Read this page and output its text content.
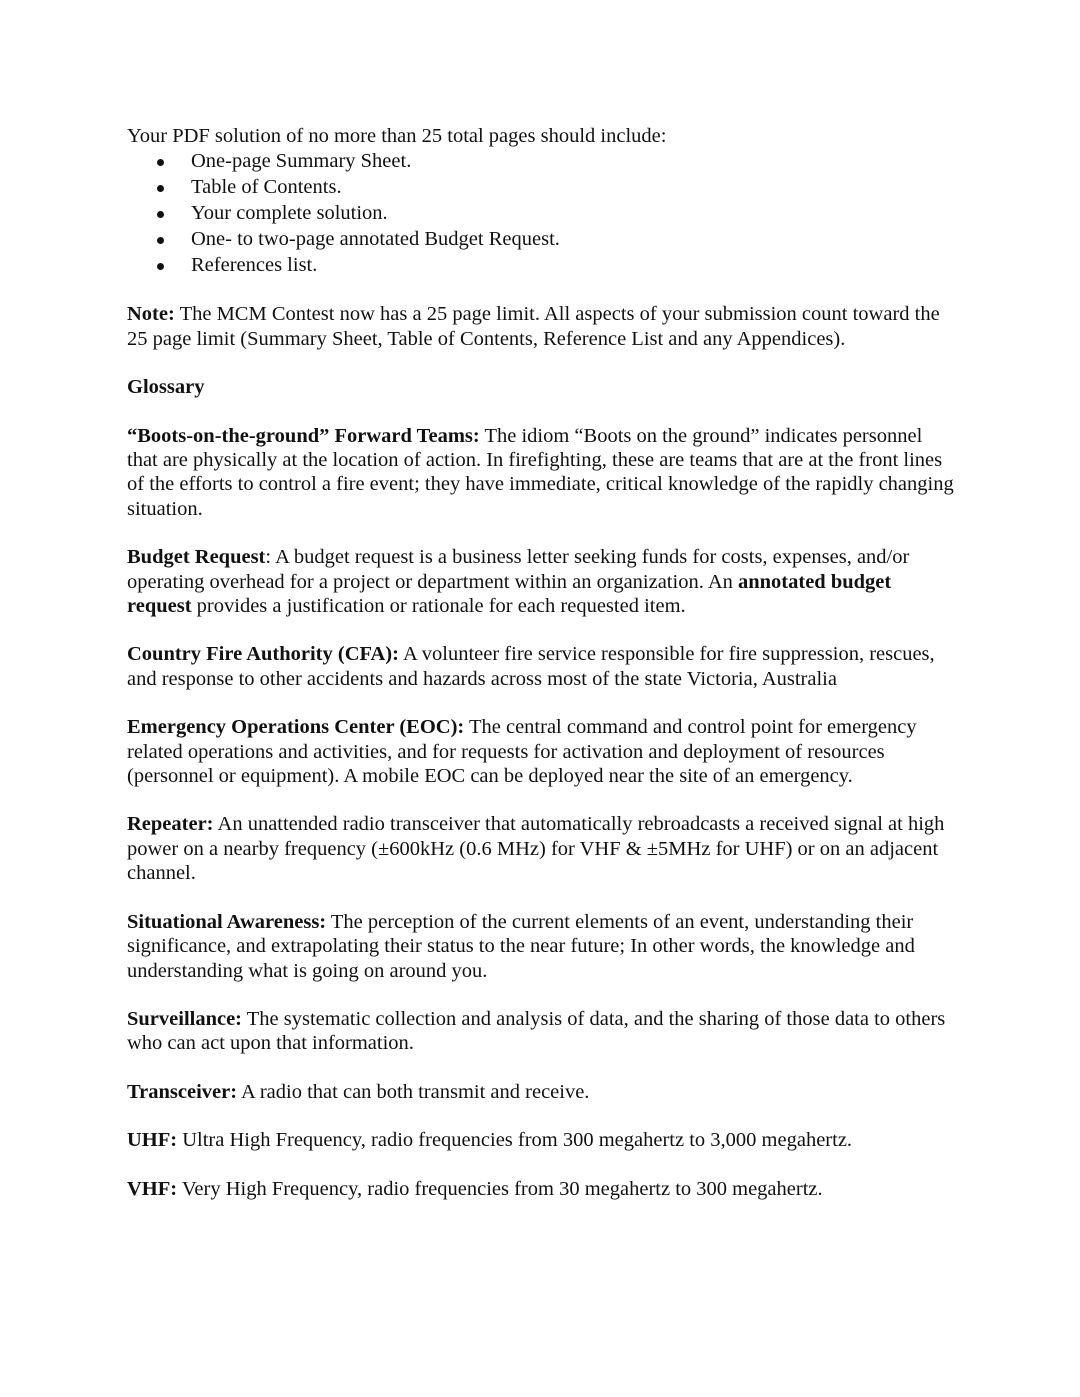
Your PDF solution of no more than 25 total pages should include:

One-page Summary Sheet.
Table of Contents.
Your complete solution.
One- to two-page annotated Budget Request.
References list.

Note: The MCM Contest now has a 25 page limit. All aspects of your submission count toward the 25 page limit (Summary Sheet, Table of Contents, Reference List and any Appendices).

Glossary

“Boots-on-the-ground” Forward Teams: The idiom “Boots on the ground” indicates personnel that are physically at the location of action. In firefighting, these are teams that are at the front lines of the efforts to control a fire event; they have immediate, critical knowledge of the rapidly changing situation.

Budget Request: A budget request is a business letter seeking funds for costs, expenses, and/or operating overhead for a project or department within an organization. An annotated budget request provides a justification or rationale for each requested item.

Country Fire Authority (CFA): A volunteer fire service responsible for fire suppression, rescues, and response to other accidents and hazards across most of the state Victoria, Australia

Emergency Operations Center (EOC): The central command and control point for emergency related operations and activities, and for requests for activation and deployment of resources (personnel or equipment). A mobile EOC can be deployed near the site of an emergency.

Repeater: An unattended radio transceiver that automatically rebroadcasts a received signal at high power on a nearby frequency (±600kHz (0.6 MHz) for VHF & ±5MHz for UHF) or on an adjacent channel.

Situational Awareness: The perception of the current elements of an event, understanding their significance, and extrapolating their status to the near future; In other words, the knowledge and understanding what is going on around you.

Surveillance: The systematic collection and analysis of data, and the sharing of those data to others who can act upon that information.

Transceiver: A radio that can both transmit and receive.

UHF: Ultra High Frequency, radio frequencies from 300 megahertz to 3,000 megahertz.

VHF: Very High Frequency, radio frequencies from 30 megahertz to 300 megahertz.
